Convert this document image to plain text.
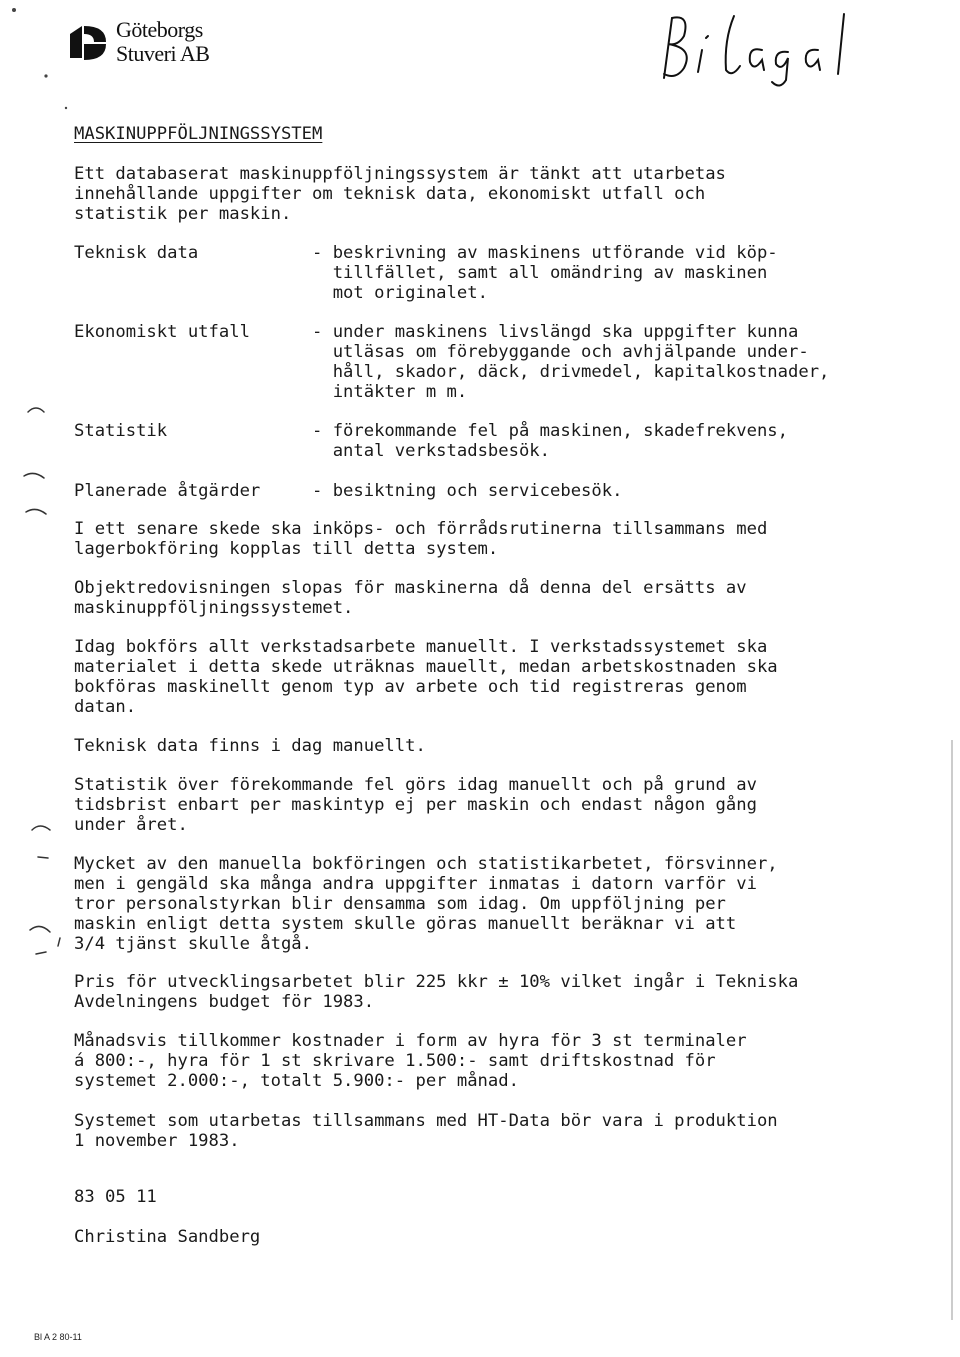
Göteborgs
Stuveri AB

MASKINUPPFÖLJNINGSSYSTEM

Ett databaserat maskinuppföljningssystem är tänkt att utarbetas

innehållande uppgifter om teknisk data, ekonomiskt utfall och

statistik per maskin.

Teknisk data	- beskrivning av maskinens utförande vid köp-

tillfället, samt all omändring av maskinen

mot originalet.

Ekonomiskt utfall	- under maskinens livslängd ska uppgifter kunna

utläsas om förebyggande och avhjälpande under-

håll, skador, däck, drivmedel, kapitalkostnader,

intäkter m m.

Statistik	- förekommande fel på maskinen, skadefrekvens,

antal verkstadsbesök.

Planerade åtgärder	- besiktning och servicebesök.

I ett senare skede ska inköps- och förrådsrutinerna tillsammans med

lagerbokföring kopplas till detta system.

Objektredovisningen slopas för maskinerna då denna del ersätts av

maskinuppföljningssystemet.

Idag bokförs allt verkstadsarbete manuellt. I verkstadssystemet ska

materialet i detta skede uträknas mauellt, medan arbetskostnaden ska

bokföras maskinellt genom typ av arbete och tid registreras genom

datan.

Teknisk data finns i dag manuellt.

Statistik över förekommande fel görs idag manuellt och på grund av

tidsbrist enbart per maskintyp ej per maskin och endast någon gång

under året.

Mycket av den manuella bokföringen och statistikarbetet, försvinner,

men i gengäld ska många andra uppgifter inmatas i datorn varför vi

tror personalstyrkan blir densamma som idag. Om uppföljning per

maskin enligt detta system skulle göras manuellt beräknar vi att

3/4 tjänst skulle åtgå.

Pris för utvecklingsarbetet blir 225 kkr ± 10% vilket ingår i Tekniska

Avdelningens budget för 1983.

Månadsvis tillkommer kostnader i form av hyra för 3 st terminaler

á 800:-, hyra för 1 st skrivare 1.500:- samt driftskostnad för

systemet 2.000:-, totalt 5.900:- per månad.

Systemet som utarbetas tillsammans med HT-Data bör vara i produktion

1 november 1983.

83 05 11

Christina Sandberg

Bl A 2 80-11
